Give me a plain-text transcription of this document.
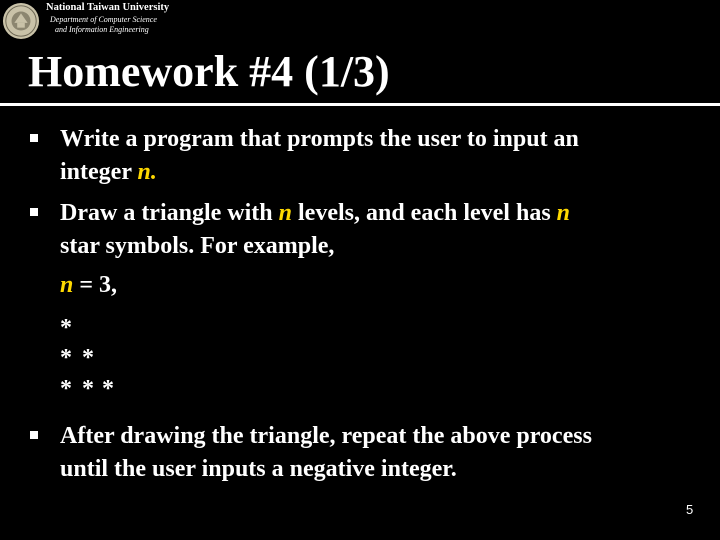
National Taiwan University
Department of Computer Science
and Information Engineering
Homework #4 (1/3)
Write a program that prompts the user to input an
integer n.
Draw a triangle with n levels, and each level has n
star symbols. For example,
n = 3,
*
* *
* * *
After drawing the triangle, repeat the above process
until the user inputs a negative integer.
5
